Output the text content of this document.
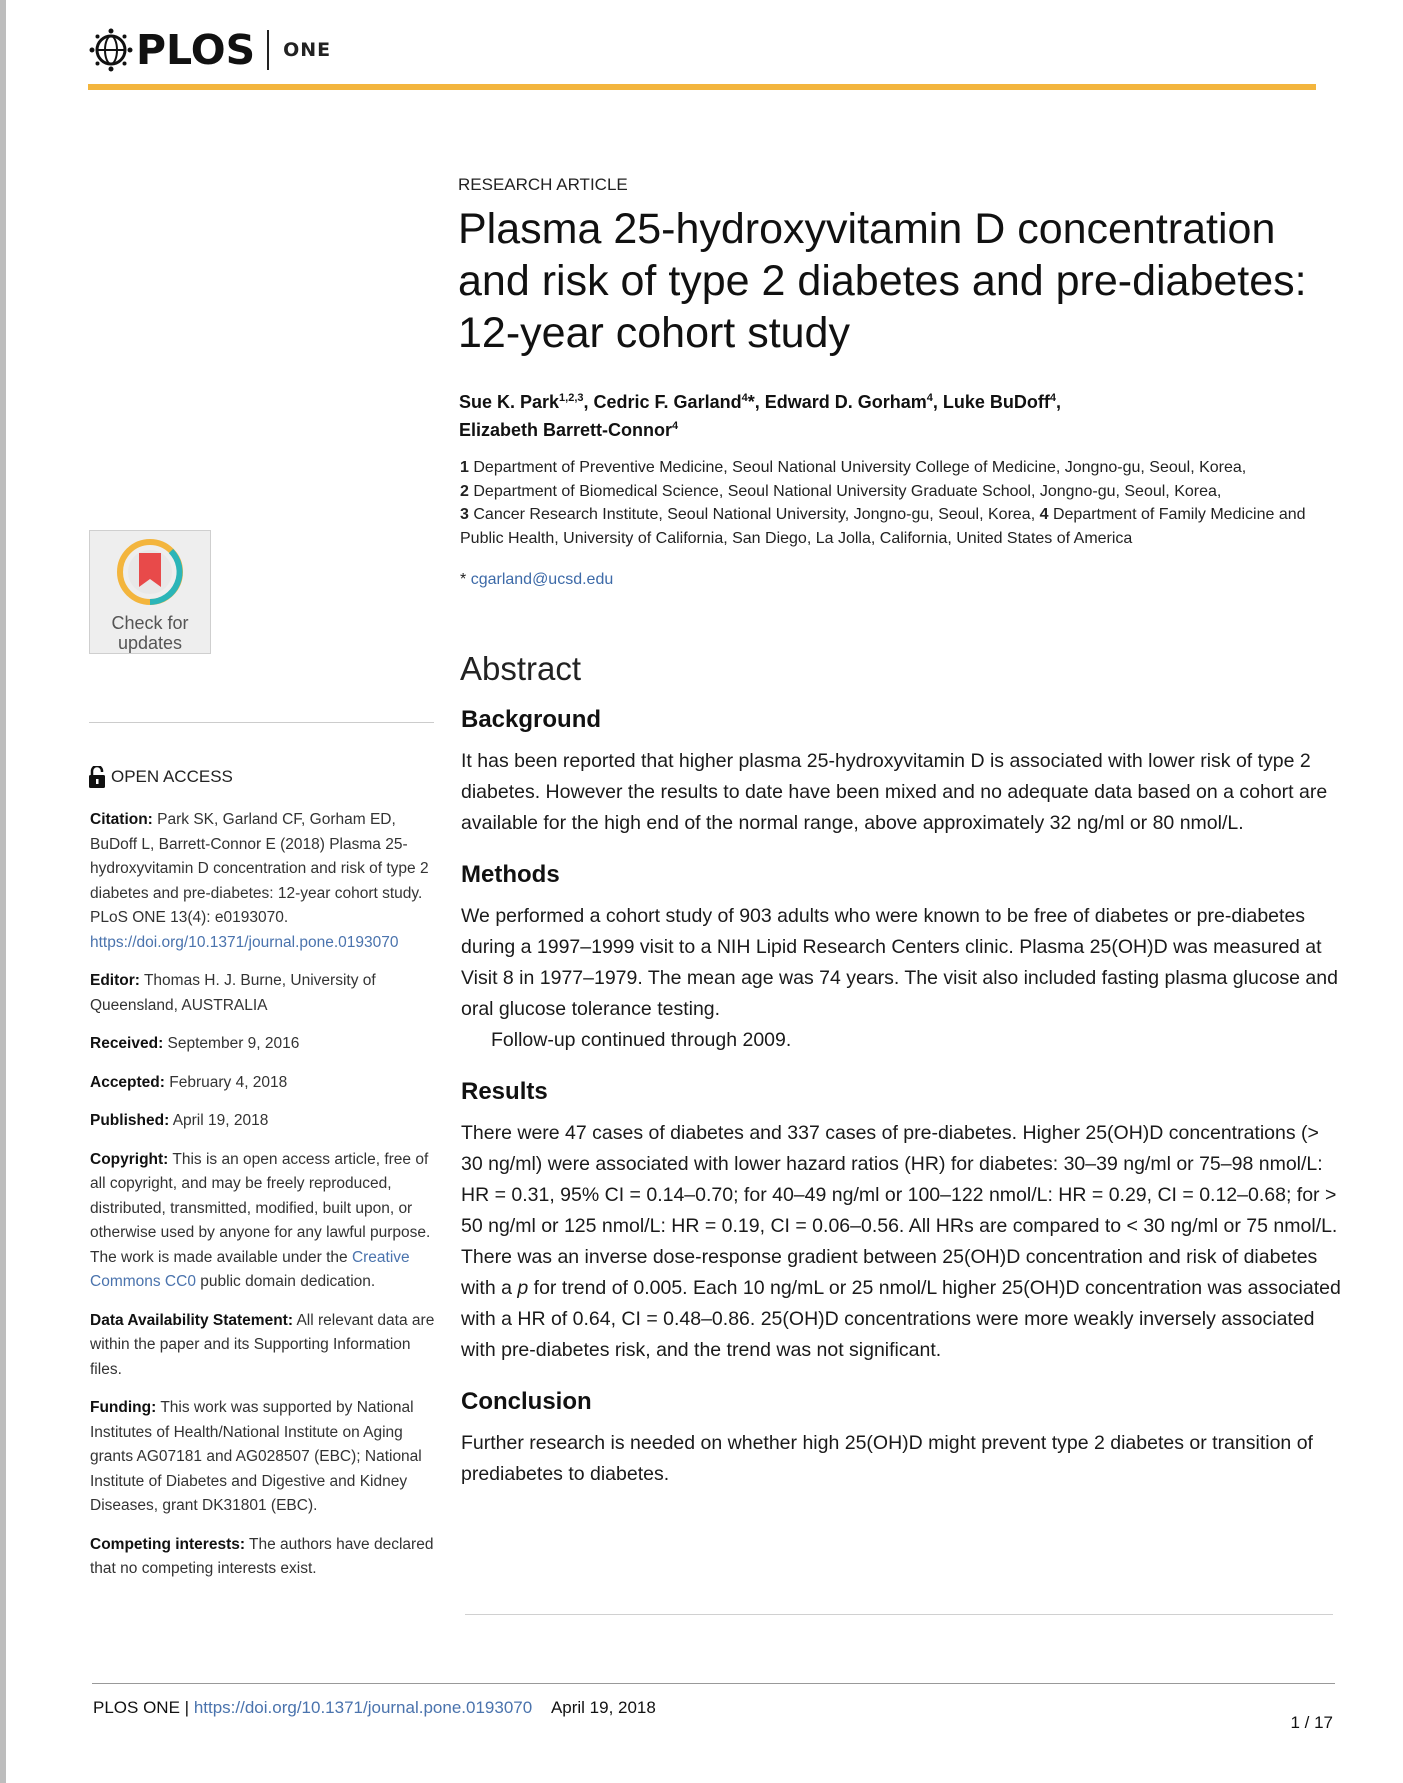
PLOS ONE
RESEARCH ARTICLE
Plasma 25-hydroxyvitamin D concentration and risk of type 2 diabetes and pre-diabetes: 12-year cohort study
Sue K. Park$^{1,2,3}$, Cedric F. Garland$^4$*, Edward D. Gorham$^4$, Luke BuDoff$^4$,
Elizabeth Barrett-Connor$^4$
1 Department of Preventive Medicine, Seoul National University College of Medicine, Jongno-gu, Seoul, Korea,
2 Department of Biomedical Science, Seoul National University Graduate School, Jongno-gu, Seoul, Korea,
3 Cancer Research Institute, Seoul National University, Jongno-gu, Seoul, Korea, 4 Department of Family Medicine and Public Health, University of California, San Diego, La Jolla, California, United States of America
* cgarland@ucsd.edu
Check for
updates
OPEN ACCESS
Citation: Park SK, Garland CF, Gorham ED, BuDoff L, Barrett-Connor E (2018) Plasma 25-hydroxyvitamin D concentration and risk of type 2 diabetes and pre-diabetes: 12-year cohort study. PLoS ONE 13(4): e0193070. https://doi.org/10.1371/journal.pone.0193070
Editor: Thomas H. J. Burne, University of Queensland, AUSTRALIA
Received: September 9, 2016
Accepted: February 4, 2018
Published: April 19, 2018
Copyright: This is an open access article, free of all copyright, and may be freely reproduced, distributed, transmitted, modified, built upon, or otherwise used by anyone for any lawful purpose. The work is made available under the Creative Commons CC0 public domain dedication.
Data Availability Statement: All relevant data are within the paper and its Supporting Information files.
Funding: This work was supported by National Institutes of Health/National Institute on Aging grants AG07181 and AG028507 (EBC); National Institute of Diabetes and Digestive and Kidney Diseases, grant DK31801 (EBC).
Competing interests: The authors have declared that no competing interests exist.
Abstract
Background

It has been reported that higher plasma 25-hydroxyvitamin D is associated with lower risk of type 2 diabetes. However the results to date have been mixed and no adequate data based on a cohort are available for the high end of the normal range, above approximately 32 ng/ml or 80 nmol/L.

Methods

We performed a cohort study of 903 adults who were known to be free of diabetes or pre-diabetes during a 1997–1999 visit to a NIH Lipid Research Centers clinic. Plasma 25(OH)D was measured at Visit 8 in 1977–1979. The mean age was 74 years. The visit also included fasting plasma glucose and oral glucose tolerance testing.

Follow-up continued through 2009.

Results

There were 47 cases of diabetes and 337 cases of pre-diabetes. Higher 25(OH)D concentrations (> 30 ng/ml) were associated with lower hazard ratios (HR) for diabetes: 30–39 ng/ml or 75–98 nmol/L: HR = 0.31, 95% CI = 0.14–0.70; for 40–49 ng/ml or 100–122 nmol/L: HR = 0.29, CI = 0.12–0.68; for > 50 ng/ml or 125 nmol/L: HR = 0.19, CI = 0.06–0.56. All HRs are compared to < 30 ng/ml or 75 nmol/L. There was an inverse dose-response gradient between 25(OH)D concentration and risk of diabetes with a p for trend of 0.005. Each 10 ng/mL or 25 nmol/L higher 25(OH)D concentration was associated with a HR of 0.64, CI = 0.48–0.86. 25(OH)D concentrations were more weakly inversely associated with pre-diabetes risk, and the trend was not significant.

Conclusion

Further research is needed on whether high 25(OH)D might prevent type 2 diabetes or transition of prediabetes to diabetes.

PLOS ONE | https://doi.org/10.1371/journal.pone.0193070 April 19, 2018
1 / 17
